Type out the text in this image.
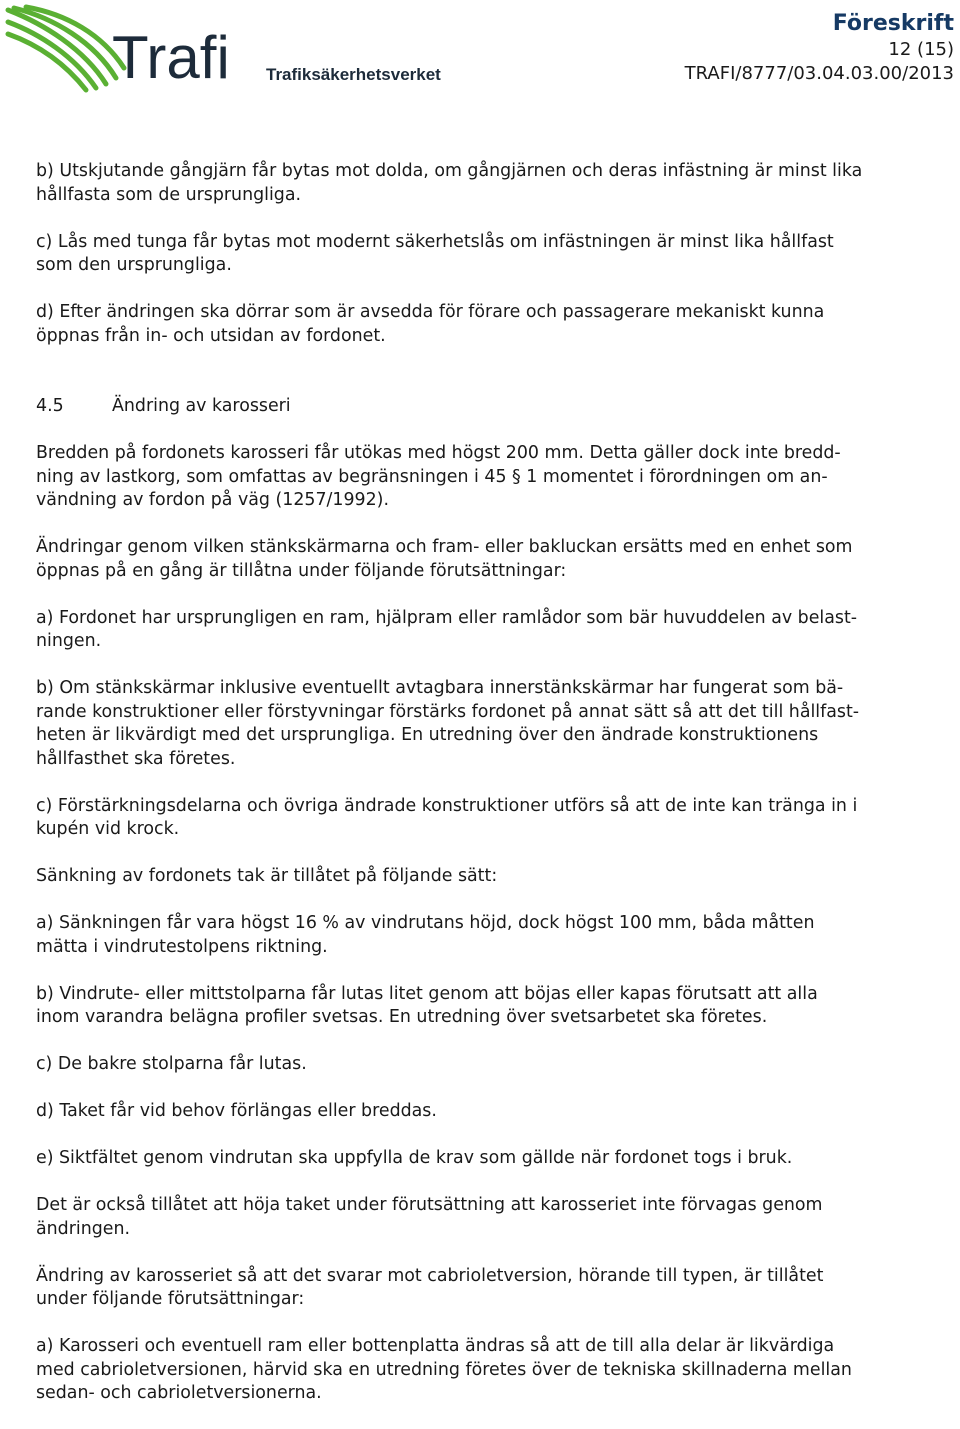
Trafi Trafiksäkerhetsverket
Föreskrift
12 (15)
TRAFI/8777/03.04.03.00/2013

b) Utskjutande gångjärn får bytas mot dolda, om gångjärnen och deras infästning är minst lika
hållfasta som de ursprungliga.

c) Lås med tunga får bytas mot modernt säkerhetslås om infästningen är minst lika hållfast
som den ursprungliga.

d) Efter ändringen ska dörrar som är avsedda för förare och passagerare mekaniskt kunna
öppnas från in- och utsidan av fordonet.

4.5	Ändring av karosseri

Bredden på fordonets karosseri får utökas med högst 200 mm. Detta gäller dock inte bredd-
ning av lastkorg, som omfattas av begränsningen i 45 § 1 momentet i förordningen om an-
vändning av fordon på väg (1257/1992).

Ändringar genom vilken stänkskärmarna och fram- eller bakluckan ersätts med en enhet som
öppnas på en gång är tillåtna under följande förutsättningar:

a) Fordonet har ursprungligen en ram, hjälpram eller ramlådor som bär huvuddelen av belast-
ningen.

b) Om stänkskärmar inklusive eventuellt avtagbara innerstänkskärmar har fungerat som bä-
rande konstruktioner eller förstyvningar förstärks fordonet på annat sätt så att det till hållfast-
heten är likvärdigt med det ursprungliga. En utredning över den ändrade konstruktionens
hållfasthet ska företes.

c) Förstärkningsdelarna och övriga ändrade konstruktioner utförs så att de inte kan tränga in i
kupén vid krock.

Sänkning av fordonets tak är tillåtet på följande sätt:

a) Sänkningen får vara högst 16 % av vindrutans höjd, dock högst 100 mm, båda måtten
mätta i vindrutestolpens riktning.

b) Vindrute- eller mittstolparna får lutas litet genom att böjas eller kapas förutsatt att alla
inom varandra belägna profiler svetsas. En utredning över svetsarbetet ska företes.

c) De bakre stolparna får lutas.

d) Taket får vid behov förlängas eller breddas.

e) Siktfältet genom vindrutan ska uppfylla de krav som gällde när fordonet togs i bruk.

Det är också tillåtet att höja taket under förutsättning att karosseriet inte förvagas genom
ändringen.

Ändring av karosseriet så att det svarar mot cabrioletversion, hörande till typen, är tillåtet
under följande förutsättningar:

a) Karosseri och eventuell ram eller bottenplatta ändras så att de till alla delar är likvärdiga
med cabrioletversionen, härvid ska en utredning företes över de tekniska skillnaderna mellan
sedan- och cabrioletversionerna.
